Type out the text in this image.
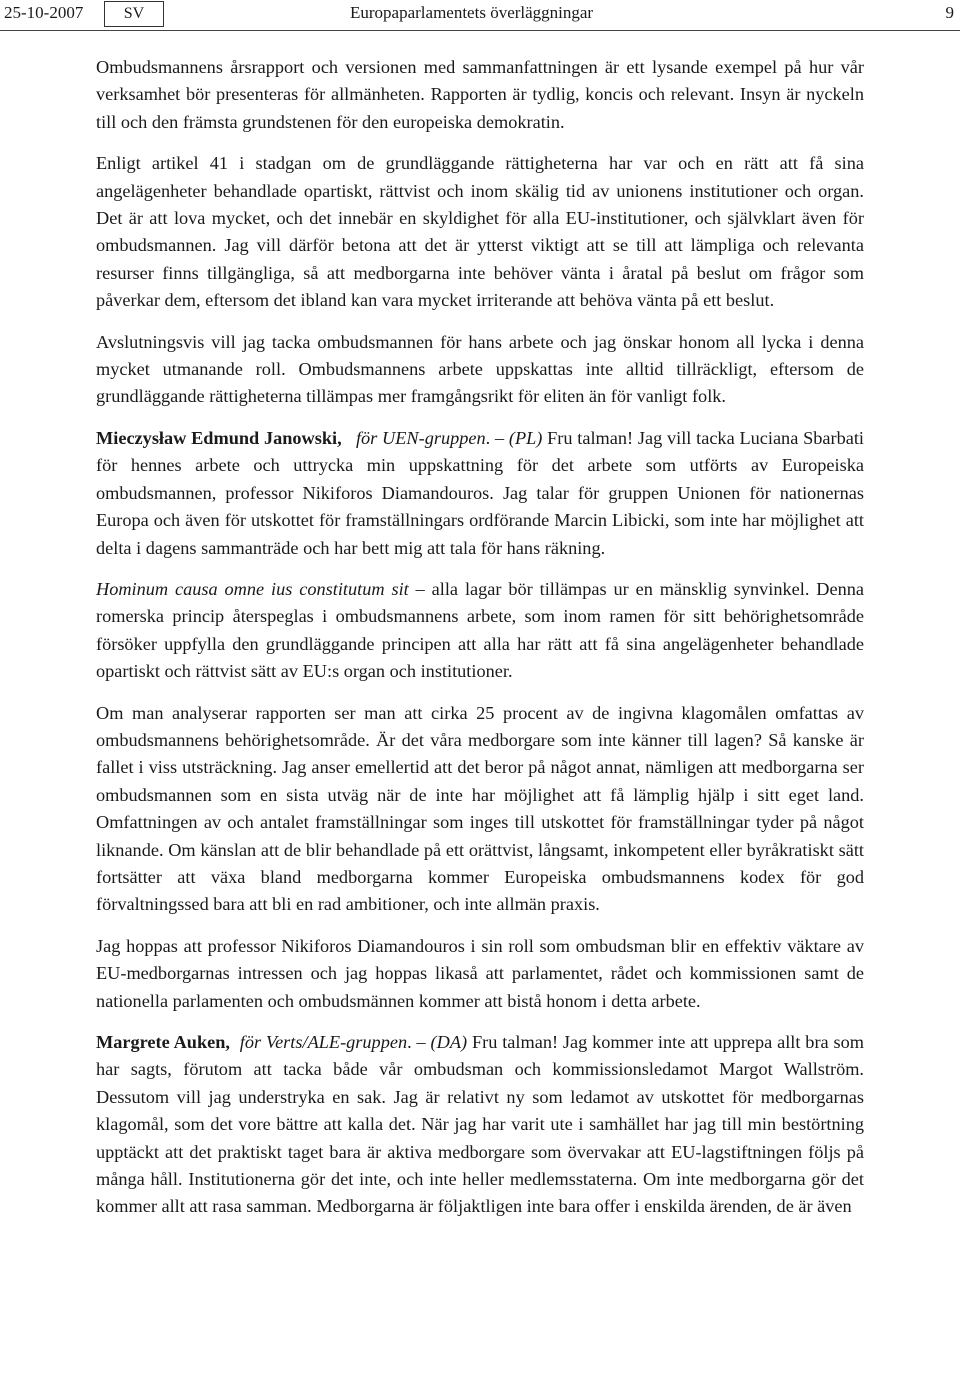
25-10-2007	SV	Europaparlamentets överläggningar	9

Ombudsmannens årsrapport och versionen med sammanfattningen är ett lysande exempel på hur vår verksamhet bör presenteras för allmänheten. Rapporten är tydlig, koncis och relevant. Insyn är nyckeln till och den främsta grundstenen för den europeiska demokratin.

Enligt artikel 41 i stadgan om de grundläggande rättigheterna har var och en rätt att få sina angelägenheter behandlade opartiskt, rättvist och inom skälig tid av unionens institutioner och organ. Det är att lova mycket, och det innebär en skyldighet för alla EU-institutioner, och självklart även för ombudsmannen. Jag vill därför betona att det är ytterst viktigt att se till att lämpliga och relevanta resurser finns tillgängliga, så att medborgarna inte behöver vänta i åratal på beslut om frågor som påverkar dem, eftersom det ibland kan vara mycket irriterande att behöva vänta på ett beslut.

Avslutningsvis vill jag tacka ombudsmannen för hans arbete och jag önskar honom all lycka i denna mycket utmanande roll. Ombudsmannens arbete uppskattas inte alltid tillräckligt, eftersom de grundläggande rättigheterna tillämpas mer framgångsrikt för eliten än för vanligt folk.

Mieczysław Edmund Janowski, för UEN-gruppen. – (PL) Fru talman! Jag vill tacka Luciana Sbarbati för hennes arbete och uttrycka min uppskattning för det arbete som utförts av Europeiska ombudsmannen, professor Nikiforos Diamandouros. Jag talar för gruppen Unionen för nationernas Europa och även för utskottet för framställningars ordförande Marcin Libicki, som inte har möjlighet att delta i dagens sammanträde och har bett mig att tala för hans räkning.

Hominum causa omne ius constitutum sit – alla lagar bör tillämpas ur en mänsklig synvinkel. Denna romerska princip återspeglas i ombudsmannens arbete, som inom ramen för sitt behörighetsområde försöker uppfylla den grundläggande principen att alla har rätt att få sina angelägenheter behandlade opartiskt och rättvist sätt av EU:s organ och institutioner.

Om man analyserar rapporten ser man att cirka 25 procent av de ingivna klagomålen omfattas av ombudsmannens behörighetsområde. Är det våra medborgare som inte känner till lagen? Så kanske är fallet i viss utsträckning. Jag anser emellertid att det beror på något annat, nämligen att medborgarna ser ombudsmannen som en sista utväg när de inte har möjlighet att få lämplig hjälp i sitt eget land. Omfattningen av och antalet framställningar som inges till utskottet för framställningar tyder på något liknande. Om känslan att de blir behandlade på ett orättvist, långsamt, inkompetent eller byråkratiskt sätt fortsätter att växa bland medborgarna kommer Europeiska ombudsmannens kodex för god förvaltningssed bara att bli en rad ambitioner, och inte allmän praxis.

Jag hoppas att professor Nikiforos Diamandouros i sin roll som ombudsman blir en effektiv väktare av EU-medborgarnas intressen och jag hoppas likaså att parlamentet, rådet och kommissionen samt de nationella parlamenten och ombudsmännen kommer att bistå honom i detta arbete.

Margrete Auken, för Verts/ALE-gruppen. – (DA) Fru talman! Jag kommer inte att upprepa allt bra som har sagts, förutom att tacka både vår ombudsman och kommissionsledamot Margot Wallström. Dessutom vill jag understryka en sak. Jag är relativt ny som ledamot av utskottet för medborgarnas klagomål, som det vore bättre att kalla det. När jag har varit ute i samhället har jag till min bestörtning upptäckt att det praktiskt taget bara är aktiva medborgare som övervakar att EU-lagstiftningen följs på många håll. Institutionerna gör det inte, och inte heller medlemsstaterna. Om inte medborgarna gör det kommer allt att rasa samman. Medborgarna är följaktligen inte bara offer i enskilda ärenden, de är även
